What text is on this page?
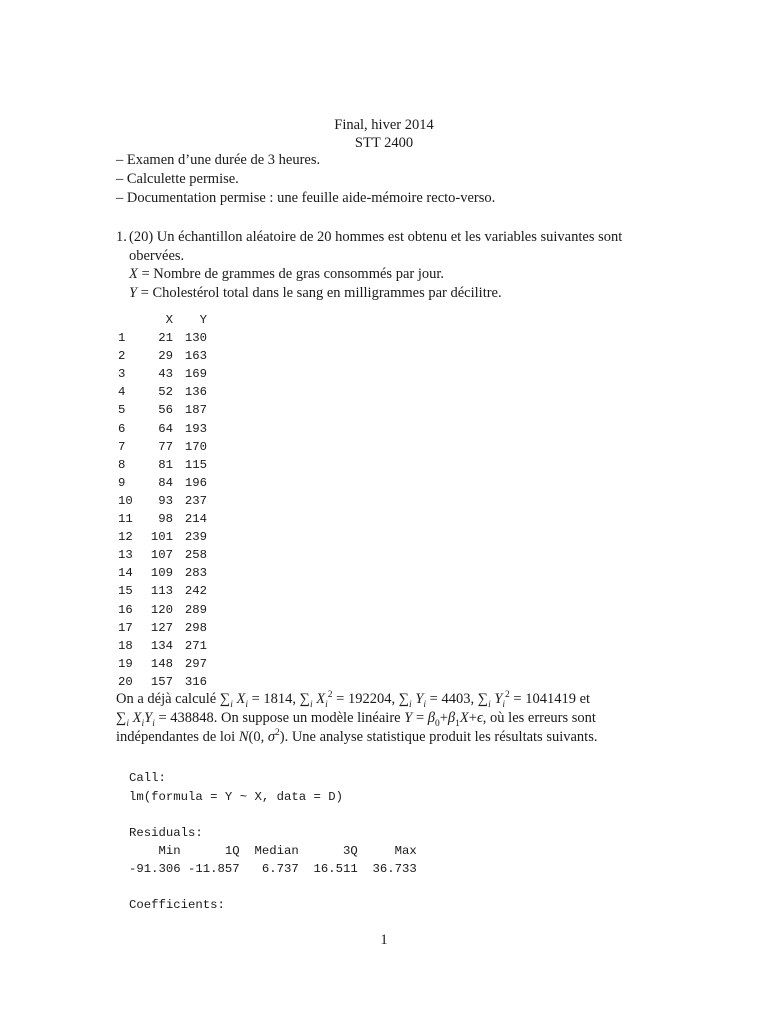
Final, hiver 2014
STT 2400
– Examen d’une durée de 3 heures.
– Calculette permise.
– Documentation permise : une feuille aide-mémoire recto-verso.
1. (20) Un échantillon aléatoire de 20 hommes est obtenu et les variables suivantes sont
obervées.
X = Nombre de grammes de gras consommés par jour.
Y = Cholestérol total dans le sang en milligrammes par décilitre.
X Y
1	21 130
2	29 163
3	43 169
4	52 136
5	56 187
6	64 193
7	77 170
8	81 115
9	84 196
10 93 237
11 98 214
12 101 239
13 107 258
14 109 283
15 113 242
16 120 289
17 127 298
18 134 271
19 148 297
20 157 316
On a déjà calculé $\sum_i$ $X_i = 1814$, $\sum_i$ $X_i^2 = 192204$, $\sum_i$ $Y_i = 4403$, $\sum_i$ $Y_i^2 = 1041419$ et
$\sum_i$ $X_iY_i = 438848$. On suppose un modèle linéaire $Y = \beta_0+\beta_1X+\epsilon$, où les erreurs sont
indépendantes de loi N(0, $\sigma^2$). Une analyse statistique produit les résultats suivants.
Call:
lm(formula = Y ~ X, data = D)
Residuals:
Min      1Q  Median      3Q     Max
-91.306 -11.857   6.737  16.511  36.733
Coefficients:
1
